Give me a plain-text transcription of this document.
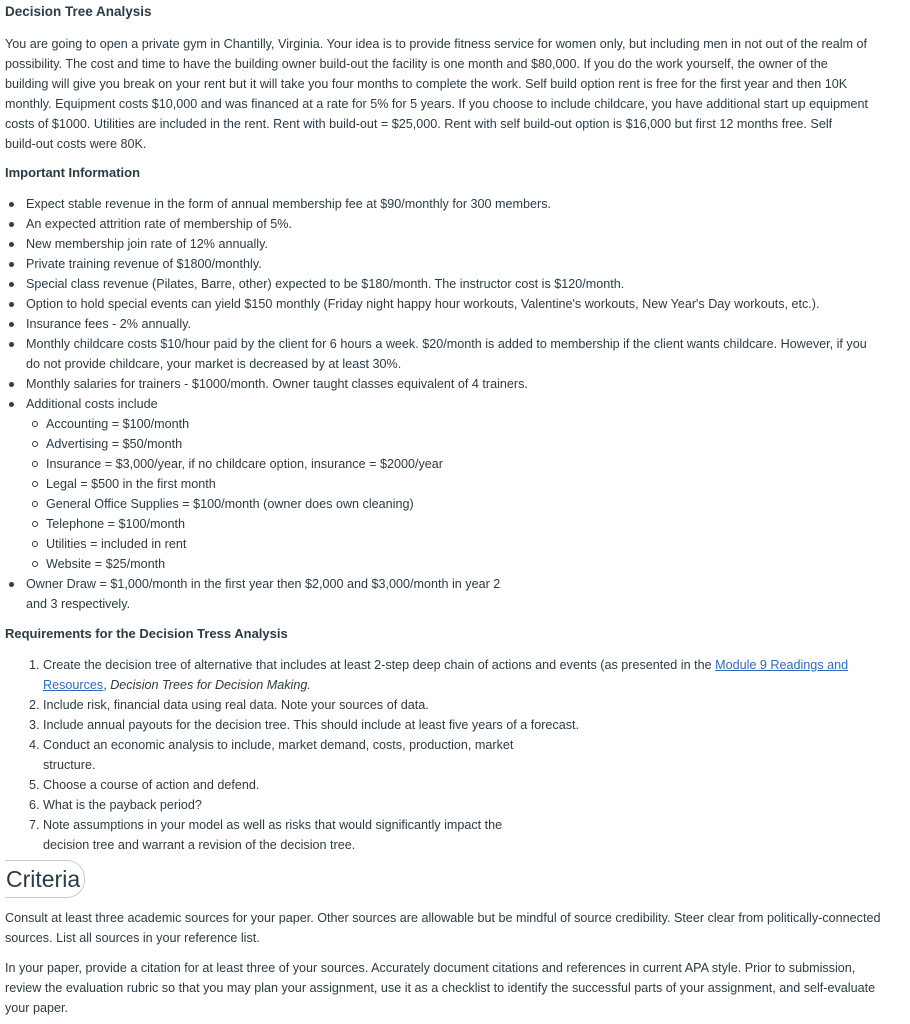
Decision Tree Analysis

You are going to open a private gym in Chantilly, Virginia. Your idea is to provide fitness service for women only, but including men in not out of the realm of
possibility. The cost and time to have the building owner build-out the facility is one month and $80,000. If you do the work yourself, the owner of the
building will give you break on your rent but it will take you four months to complete the work. Self build option rent is free for the first year and then 10K
monthly. Equipment costs $10,000 and was financed at a rate for 5% for 5 years. If you choose to include childcare, you have additional start up equipment
costs of $1000. Utilities are included in the rent. Rent with build-out = $25,000. Rent with self build-out option is $16,000 but first 12 months free. Self
build-out costs were 80K.

Important Information
Expect stable revenue in the form of annual membership fee at $90/monthly for 300 members.
An expected attrition rate of membership of 5%.
New membership join rate of 12% annually.
Private training revenue of $1800/monthly.
Special class revenue (Pilates, Barre, other) expected to be $180/month. The instructor cost is $120/month.
Option to hold special events can yield $150 monthly (Friday night happy hour workouts, Valentine's workouts, New Year's Day workouts, etc.).
Insurance fees - 2% annually.
Monthly childcare costs $10/hour paid by the client for 6 hours a week. $20/month is added to membership if the client wants childcare. However, if you
do not provide childcare, your market is decreased by at least 30%.
Monthly salaries for trainers - $1000/month. Owner taught classes equivalent of 4 trainers.
Additional costs include
Accounting = $100/month
Advertising = $50/month
Insurance = $3,000/year, if no childcare option, insurance = $2000/year
Legal = $500 in the first month
General Office Supplies = $100/month (owner does own cleaning)
Telephone = $100/month
Utilities = included in rent
Website = $25/month
Owner Draw = $1,000/month in the first year then $2,000 and $3,000/month in year 2
and 3 respectively.
Requirements for the Decision Tress Analysis
1. Create the decision tree of alternative that includes at least 2-step deep chain of actions and events (as presented in the Module 9 Readings and
Resources, Decision Trees for Decision Making.
2. Include risk, financial data using real data. Note your sources of data.
3. Include annual payouts for the decision tree. This should include at least five years of a forecast.
4. Conduct an economic analysis to include, market demand, costs, production, market
structure.
5. Choose a course of action and defend.
6. What is the payback period?
7. Note assumptions in your model as well as risks that would significantly impact the
decision tree and warrant a revision of the decision tree.
Criteria

Consult at least three academic sources for your paper. Other sources are allowable but be mindful of source credibility. Steer clear from politically-connected
sources. List all sources in your reference list.

In your paper, provide a citation for at least three of your sources. Accurately document citations and references in current APA style. Prior to submission,
review the evaluation rubric so that you may plan your assignment, use it as a checklist to identify the successful parts of your assignment, and self-evaluate
your paper.
